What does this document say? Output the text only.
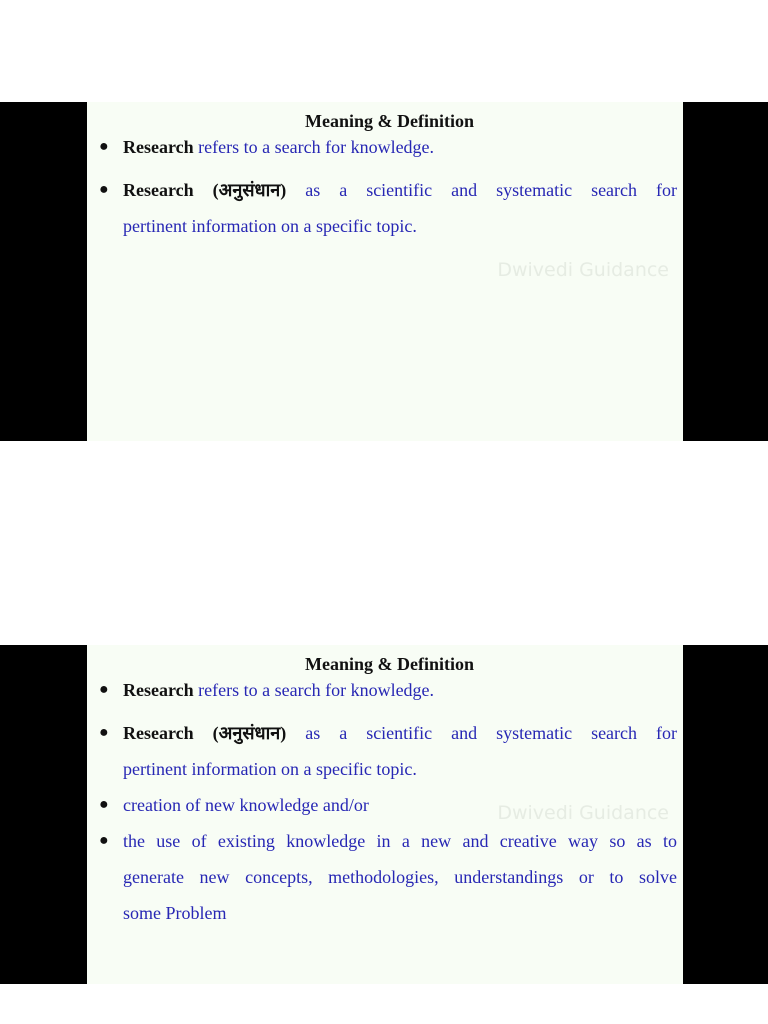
Meaning & Definition
● Research refers to a search for knowledge.
● Research (अनुसंधान) as a scientific and systematic search for
pertinent information on a specific topic.
Dwivedi Guidance
Meaning & Definition
● Research refers to a search for knowledge.
● Research (अनुसंधान) as a scientific and systematic search for
pertinent information on a specific topic.
● creation of new knowledge and/or
● the use of existing knowledge in a new and creative way so as to
generate new concepts, methodologies, understandings or to solve
some Problem
Dwivedi Guidance
